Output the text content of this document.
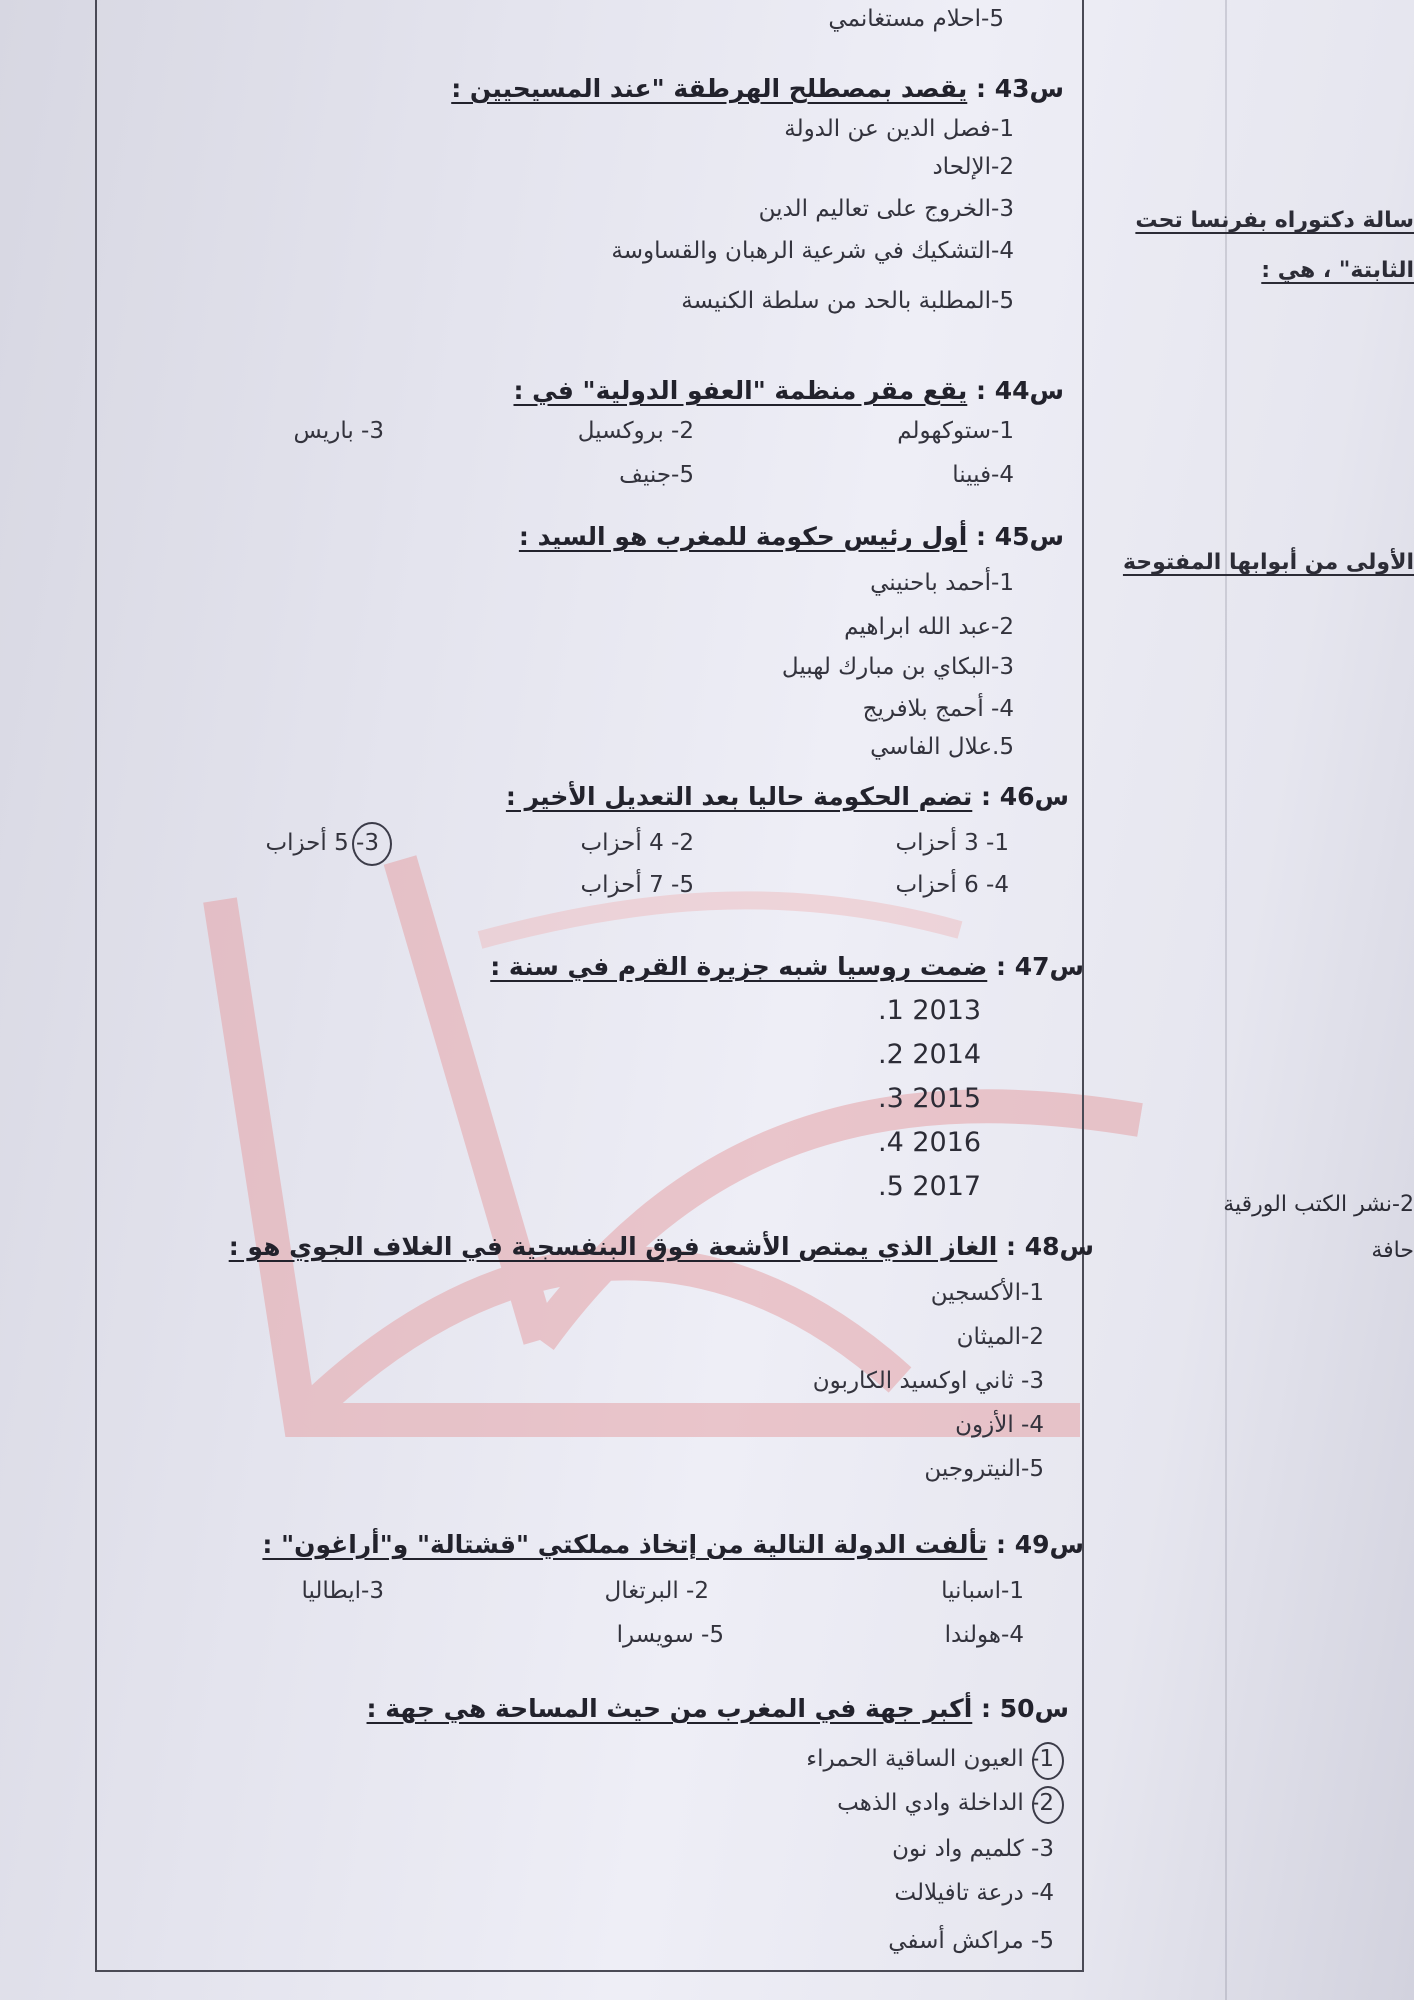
5-احلام مستغانمي
س43 : يقصد بمصطلح الهرطقة "عند المسيحيين :
1-فصل الدين عن الدولة
2-الإلحاد
3-الخروج على تعاليم الدين
4-التشكيك في شرعية الرهبان والقساوسة
5-المطلبة بالحد من سلطة الكنيسة
س44 : يقع مقر منظمة "العفو الدولية" في :
1-ستوكهولم
2- بروكسيل
3- باريس
4-فيينا
5-جنيف
س45 : أول رئيس حكومة للمغرب هو السيد :
1-أحمد باحنيني
2-عبد الله ابراهيم
3-البكاي بن مبارك لهبيل
4- أحمج بلافريج
5.علال الفاسي
س46 : تضم الحكومة حاليا بعد التعديل الأخير :
1- 3 أحزاب
2- 4 أحزاب
3- 5 أحزاب
4- 6 أحزاب
5- 7 أحزاب
س47 : ضمت روسيا شبه جزيرة القرم في سنة :
.1 2013
.2 2014
.3 2015
.4 2016
.5 2017
س48 : الغاز الذي يمتص الأشعة فوق البنفسجية في الغلاف الجوي هو :
1-الأكسجين
2-الميثان
3- ثاني اوكسيد الكاربون
4- الأزون
5-النيتروجين
س49 : تألفت الدولة التالية من إتخاذ مملكتي "قشتالة" و"أراغون" :
1-اسبانيا
2- البرتغال
3-ايطاليا
4-هولندا
5- سويسرا
س50 : أكبر جهة في المغرب من حيث المساحة هي جهة :
1- العيون الساقية الحمراء
2- الداخلة وادي الذهب
3- كلميم واد نون
4- درعة تافيلالت
5- مراكش أسفي
سالة دكتوراه بفرنسا تحت
الثابتة" ، هي :
الأولى من أبوابها المفتوحة
2-نشر الكتب الورقية
حافة
